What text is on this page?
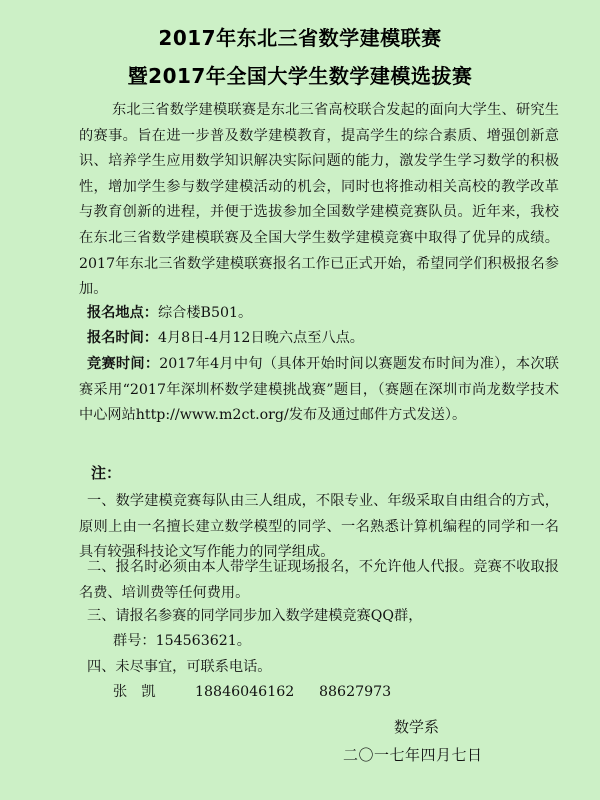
2017年东北三省数学建模联赛
暨2017年全国大学生数学建模选拔赛

东北三省数学建模联赛是东北三省高校联合发起的面向大学生、研究生的赛事。旨在进一步普及数学建模教育，提高学生的综合素质、增强创新意识、培养学生应用数学知识解决实际问题的能力，激发学生学习数学的积极性，增加学生参与数学建模活动的机会，同时也将推动相关高校的教学改革与教育创新的进程，并便于选拔参加全国数学建模竞赛队员。近年来，我校在东北三省数学建模联赛及全国大学生数学建模竞赛中取得了优异的成绩。 2017年东北三省数学建模联赛报名工作已正式开始，希望同学们积极报名参加。

报名地点：综合楼B501。

报名时间：4月8日-4月12日晚六点至八点。

竞赛时间：2017年4月中旬（具体开始时间以赛题发布时间为准），本次联赛采用“2017年深圳杯数学建模挑战赛”题目，（赛题在深圳市尚龙数学技术中心网站http://www.m2ct.org/发布及通过邮件方式发送）。

注：

一、数学建模竞赛每队由三人组成，不限专业、年级采取自由组合的方式，原则上由一名擅长建立数学模型的同学、一名熟悉计算机编程的同学和一名具有较强科技论文写作能力的同学组成。

二、报名时必须由本人带学生证现场报名，不允许他人代报。竞赛不收取报名费、培训费等任何费用。

三、请报名参赛的同学同步加入数学建模竞赛QQ群，

群号：154563621。

四、未尽事宜，可联系电话。

张　凯	18846046162 88627973

数学系

二〇一七年四月七日
